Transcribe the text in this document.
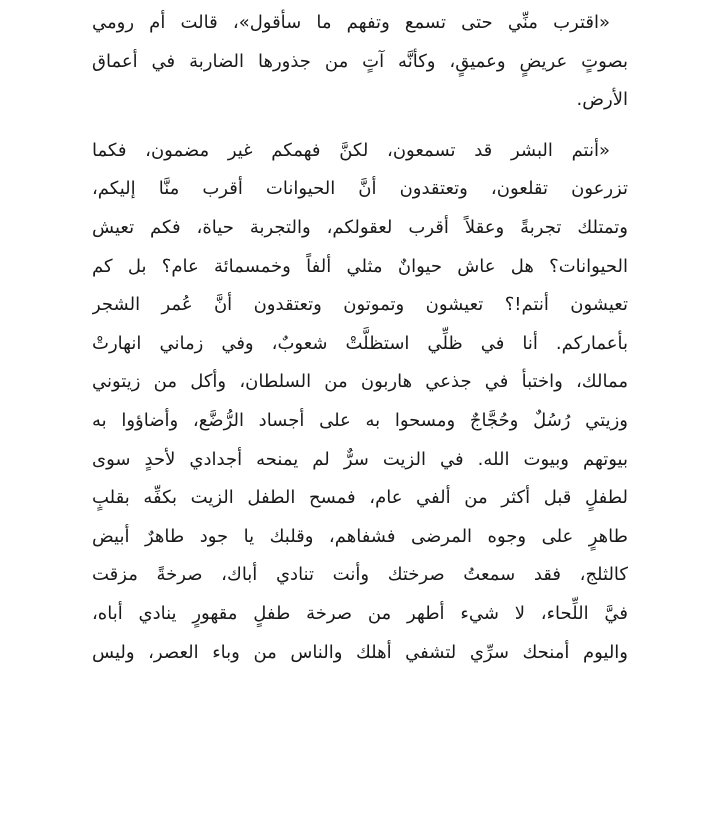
«اقترب منِّي حتى تسمع وتفهم ما سأقول»، قالت أم رومي
بصوتٍ عريضٍ وعميقٍ، وكأنَّه آتٍ من جذورها الضاربة في أعماق
الأرض.
«أنتم البشر قد تسمعون، لكنَّ فهمكم غير مضمون، فكما
تزرعون تقلعون، وتعتقدون أنَّ الحيوانات أقرب منَّا إليكم،
وتمتلك تجربةً وعقلاً أقرب لعقولكم، والتجربة حياة، فكم تعيش
الحيوانات؟ هل عاش حيوانٌ مثلي ألفاً وخمسمائة عام؟ بل كم
تعيشون أنتم!؟ تعيشون وتموتون وتعتقدون أنَّ عُمر الشجر
بأعماركم. أنا في ظلِّي استظلَّتْ شعوبٌ، وفي زماني انهارتْ
ممالك، واختبأ في جذعي هاربون من السلطان، وأكل من زيتوني
وزيتي رُسُلٌ وحُجَّاجٌ ومسحوا به على أجساد الرُّضَّع، وأضاؤوا به
بيوتهم وبيوت الله. في الزيت سرٌّ لم يمنحه أجدادي لأحدٍ سوى
لطفلٍ قبل أكثر من ألفي عام، فمسح الطفل الزيت بكفِّه بقلبٍ
طاهرٍ على وجوه المرضى فشفاهم، وقلبك يا جود طاهرٌ أبيض
كالثلج، فقد سمعتُ صرختك وأنت تنادي أباك، صرخةً مزقت
فيَّ اللِّحاء، لا شيء أطهر من صرخة طفلٍ مقهورٍ ينادي أباه،
واليوم أمنحك سرِّي لتشفي أهلك والناس من وباء العصر، وليس
